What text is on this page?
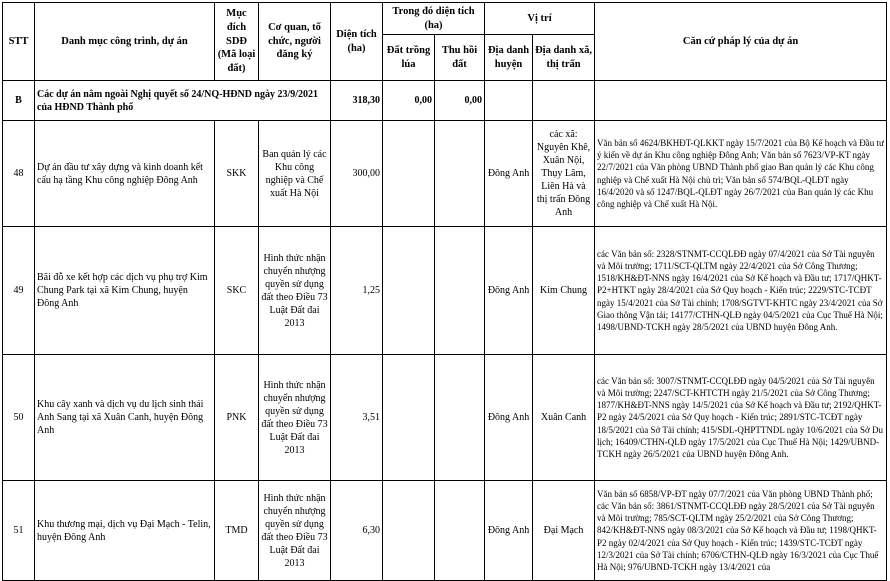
STT	Danh mục công trình, dự án	Mục đích SDĐ (Mã loại đất)	Cơ quan, tổ chức, người đăng ký	Diện tích (ha)	Trong đó diện tích (ha)		Vị trí		Căn cứ pháp lý của dự án
					Đất trồng lúa	Thu hồi đất	Địa danh huyện	Địa danh xã, thị trấn	
B	Các dự án nằm ngoài Nghị quyết số 24/NQ-HĐND ngày 23/9/2021 của HĐND Thành phố			318,30	0,00	0,00			
48	Dự án đầu tư xây dựng và kinh doanh kết cấu hạ tầng Khu công nghiệp Đông Anh	SKK	Ban quản lý các Khu công nghiệp và Chế xuất Hà Nội	300,00			Đông Anh	các xã: Nguyên Khê, Xuân Nội, Thụy Lâm, Liên Hà và thị trấn Đông Anh	Văn bản số 4624/BKHĐT-QLKKT ngày 15/7/2021 của Bộ Kế hoạch và Đầu tư ý kiến về dự án Khu công nghiệp Đông Anh; Văn bản số 7623/VP-KT ngày 22/7/2021 của Văn phòng UBND Thành phố giao Ban quản lý các Khu công nghiệp và Chế xuất Hà Nội chủ trì; Văn bản số 574/BQL-QLĐT ngày 16/4/2020 và số 1247/BQL-QLĐT ngày 26/7/2021 của Ban quản lý các Khu công nghiệp và Chế xuất Hà Nội.
49	Bãi đỗ xe kết hợp các dịch vụ phụ trợ Kim Chung Park tại xã Kim Chung, huyện Đông Anh	SKC	Hình thức nhận chuyển nhượng quyền sử dụng đất theo Điều 73 Luật Đất đai 2013	1,25			Đông Anh	Kim Chung	các Văn bản số: 2328/STNMT-CCQLĐĐ ngày 07/4/2021 của Sở Tài nguyên và Môi trường; 1711/SCT-QLTM ngày 22/4/2021 của Sở Công Thương; 1518/KH&ĐT-NNS ngày 16/4/2021 của Sở Kế hoạch và Đầu tư; 1717/QHKT-P2+HTKT ngày 28/4/2021 của Sở Quy hoạch - Kiến trúc; 2229/STC-TCĐT ngày 15/4/2021 của Sở Tài chính; 1708/SGTVT-KHTC ngày 23/4/2021 của Sở Giao thông Vận tải; 14177/CTHN-QLĐ ngày 04/5/2021 của Cục Thuế Hà Nội; 1498/UBND-TCKH ngày 28/5/2021 của UBND huyện Đông Anh.
50	Khu cây xanh và dịch vụ du lịch sinh thái Anh Sang tại xã Xuân Canh, huyện Đông Anh	PNK	Hình thức nhận chuyển nhượng quyền sử dụng đất theo Điều 73 Luật Đất đai 2013	3,51			Đông Anh	Xuân Canh	các Văn bản số: 3007/STNMT-CCQLĐĐ ngày 04/5/2021 của Sở Tài nguyên và Môi trường; 2247/SCT-KHTCTH ngày 21/5/2021 của Sở Công Thương; 1877/KH&ĐT-NNS ngày 14/5/2021 của Sở Kế hoạch và Đầu tư; 2192/QHKT-P2 ngày 24/5/2021 của Sở Quy hoạch - Kiến trúc; 2891/STC-TCĐT ngày 18/5/2021 của Sở Tài chính; 415/SDL-QHPTTNDL ngày 10/6/2021 của Sở Du lịch; 16409/CTHN-QLĐ ngày 17/5/2021 của Cục Thuế Hà Nội; 1429/UBND-TCKH ngày 26/5/2021 của UBND huyện Đông Anh.
51	Khu thương mại, dịch vụ Đại Mạch - Telin, huyện Đông Anh	TMD	Hình thức nhận chuyển nhượng quyền sử dụng đất theo Điều 73 Luật Đất đai 2013	6,30			Đông Anh	Đại Mạch	Văn bản số 6858/VP-ĐT ngày 07/7/2021 của Văn phòng UBND Thành phố; các Văn bản số: 3861/STNMT-CCQLĐĐ ngày 28/5/2021 của Sở Tài nguyên và Môi trường; 785/SCT-QLTM ngày 25/2/2021 của Sở Công Thương; 842/KH&ĐT-NNS ngày 08/3/2021 của Sở Kế hoạch và Đầu tư; 1198/QHKT-P2 ngày 02/4/2021 của Sở Quy hoạch - Kiến trúc; 1439/STC-TCĐT ngày 12/3/2021 của Sở Tài chính; 6706/CTHN-QLĐ ngày 16/3/2021 của Cục Thuế Hà Nội; 976/UBND-TCKH ngày 13/4/2021 của
